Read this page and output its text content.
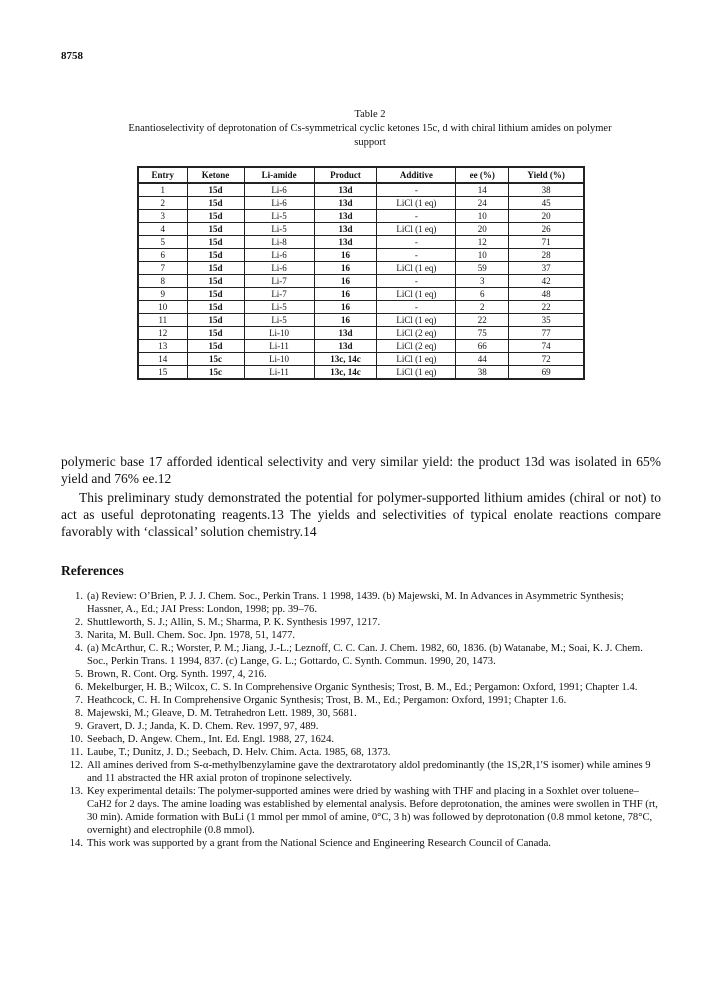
8758
Table 2
Enantioselectivity of deprotonation of Cs-symmetrical cyclic ketones 15c, d with chiral lithium amides on polymer support
Entry	Ketone	Li-amide	Product	Additive	ee (%)	Yield (%)
1	15d	Li-6	13d	-	14	38
2	15d	Li-6	13d	LiCl (1 eq)	24	45
3	15d	Li-5	13d	-	10	20
4	15d	Li-5	13d	LiCl (1 eq)	20	26
5	15d	Li-8	13d	-	12	71
6	15d	Li-6	16	-	10	28
7	15d	Li-6	16	LiCl (1 eq)	59	37
8	15d	Li-7	16	-	3	42
9	15d	Li-7	16	LiCl (1 eq)	6	48
10	15d	Li-5	16	-	2	22
11	15d	Li-5	16	LiCl (1 eq)	22	35
12	15d	Li-10	13d	LiCl (2 eq)	75	77
13	15d	Li-11	13d	LiCl (2 eq)	66	74
14	15c	Li-10	13c, 14c	LiCl (1 eq)	44	72
15	15c	Li-11	13c, 14c	LiCl (1 eq)	38	69
polymeric base 17 afforded identical selectivity and very similar yield: the product 13d was isolated in 65% yield and 76% ee.12
This preliminary study demonstrated the potential for polymer-supported lithium amides (chiral or not) to act as useful deprotonating reagents.13 The yields and selectivities of typical enolate reactions compare favorably with ‘classical’ solution chemistry.14
References
1. (a) Review: O’Brien, P. J. J. Chem. Soc., Perkin Trans. 1 1998, 1439. (b) Majewski, M. In Advances in Asymmetric Synthesis; Hassner, A., Ed.; JAI Press: London, 1998; pp. 39–76.
2. Shuttleworth, S. J.; Allin, S. M.; Sharma, P. K. Synthesis 1997, 1217.
3. Narita, M. Bull. Chem. Soc. Jpn. 1978, 51, 1477.
4. (a) McArthur, C. R.; Worster, P. M.; Jiang, J.-L.; Leznoff, C. C. Can. J. Chem. 1982, 60, 1836. (b) Watanabe, M.; Soai, K. J. Chem. Soc., Perkin Trans. 1 1994, 837. (c) Lange, G. L.; Gottardo, C. Synth. Commun. 1990, 20, 1473.
5. Brown, R. Cont. Org. Synth. 1997, 4, 216.
6. Mekelburger, H. B.; Wilcox, C. S. In Comprehensive Organic Synthesis; Trost, B. M., Ed.; Pergamon: Oxford, 1991; Chapter 1.4.
7. Heathcock, C. H. In Comprehensive Organic Synthesis; Trost, B. M., Ed.; Pergamon: Oxford, 1991; Chapter 1.6.
8. Majewski, M.; Gleave, D. M. Tetrahedron Lett. 1989, 30, 5681.
9. Gravert, D. J.; Janda, K. D. Chem. Rev. 1997, 97, 489.
10. Seebach, D. Angew. Chem., Int. Ed. Engl. 1988, 27, 1624.
11. Laube, T.; Dunitz, J. D.; Seebach, D. Helv. Chim. Acta. 1985, 68, 1373.
12. All amines derived from S-α-methylbenzylamine gave the dextrarotatory aldol predominantly (the 1S,2R,1′S isomer) while amines 9 and 11 abstracted the HR axial proton of tropinone selectively.
13. Key experimental details: The polymer-supported amines were dried by washing with THF and placing in a Soxhlet over toluene–CaH2 for 2 days. The amine loading was established by elemental analysis. Before deprotonation, the amines were swollen in THF (rt, 30 min). Amide formation with BuLi (1 mmol per mmol of amine, 0°C, 3 h) was followed by deprotonation (0.8 mmol ketone, 78°C, overnight) and electrophile (0.8 mmol).
14. This work was supported by a grant from the National Science and Engineering Research Council of Canada.
